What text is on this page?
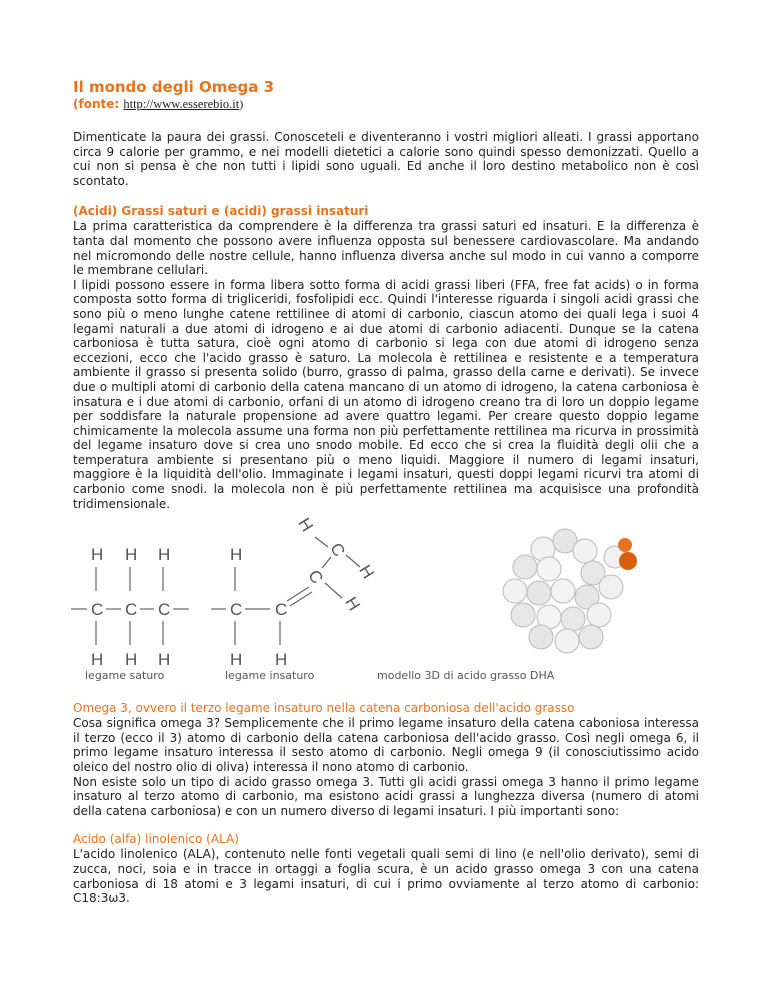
Il mondo degli Omega 3
(fonte: http://www.esserebio.it)

Dimenticate la paura dei grassi. Conosceteli e diventeranno i vostri migliori alleati. I grassi apportano circa 9 calorie per grammo, e nei modelli dietetici a calorie sono quindi spesso demonizzati. Quello a cui non si pensa è che non tutti i lipidi sono uguali. Ed anche il loro destino metabolico non è così scontato.

(Acidi) Grassi saturi e (acidi) grassi insaturi

La prima caratteristica da comprendere è la differenza tra grassi saturi ed insaturi. E la differenza è tanta dal momento che possono avere influenza opposta sul benessere cardiovascolare. Ma andando nel micromondo delle nostre cellule, hanno influenza diversa anche sul modo in cui vanno a comporre le membrane cellulari.

I lipidi possono essere in forma libera sotto forma di acidi grassi liberi (FFA, free fat acids) o in forma composta sotto forma di trigliceridi, fosfolipidi ecc. Quindi l'interesse riguarda i singoli acidi grassi che sono più o meno lunghe catene rettilinee di atomi di carbonio, ciascun atomo dei quali lega i suoi 4 legami naturali a due atomi di idrogeno e ai due atomi di carbonio adiacenti. Dunque se la catena carboniosa è tutta satura, cioè ogni atomo di carbonio si lega con due atomi di idrogeno senza eccezioni, ecco che l'acido grasso è saturo. La molecola è rettilinea e resistente e a temperatura ambiente il grasso si presenta solido (burro, grasso di palma, grasso della carne e derivati). Se invece due o multipli atomi di carbonio della catena mancano di un atomo di idrogeno, la catena carboniosa è insatura e i due atomi di carbonio, orfani di un atomo di idrogeno creano tra di loro un doppio legame per soddisfare la naturale propensione ad avere quattro legami. Per creare questo doppio legame chimicamente la molecola assume una forma non più perfettamente rettilinea ma ricurva in prossimità del legame insaturo dove si crea uno snodo mobile. Ed ecco che si crea la fluidità degli olii che a temperatura ambiente si presentano più o meno liquidi. Maggiore il numero di legami insaturi, maggiore è la liquidità dell'olio. Immaginate i legami insaturi, questi doppi legami ricurvi tra atomi di carbonio come snodi. la molecola non è più perfettamente rettilinea ma acquisisce una profondità tridimensionale.

H H H
C C C
H H H
H
C C
H H
C
C
H
H
H
legame saturo	legame insaturo	modello 3D di acido grasso DHA
Omega 3, ovvero il terzo legame insaturo nella catena carboniosa dell'acido grasso

Cosa significa omega 3? Semplicemente che il primo legame insaturo della catena caboniosa interessa il terzo (ecco il 3) atomo di carbonio della catena carboniosa dell'acido grasso. Così negli omega 6, il primo legame insaturo interessa il sesto atomo di carbonio. Negli omega 9 (il conosciutissimo acido oleico del nostro olio di oliva) interessa il nono atomo di carbonio.

Non esiste solo un tipo di acido grasso omega 3. Tutti gli acidi grassi omega 3 hanno il primo legame insaturo al terzo atomo di carbonio, ma esistono acidi grassi a lunghezza diversa (numero di atomi della catena carboniosa) e con un numero diverso di legami insaturi. I più importanti sono:

Acido (alfa) linolenico (ALA)

L'acido linolenico (ALA), contenuto nelle fonti vegetali quali semi di lino (e nell'olio derivato), semi di zucca, noci, soia e in tracce in ortaggi a foglia scura, è un acido grasso omega 3 con una catena carboniosa di 18 atomi e 3 legami insaturi, di cui i primo ovviamente al terzo atomo di carbonio: C18:3ω3.
